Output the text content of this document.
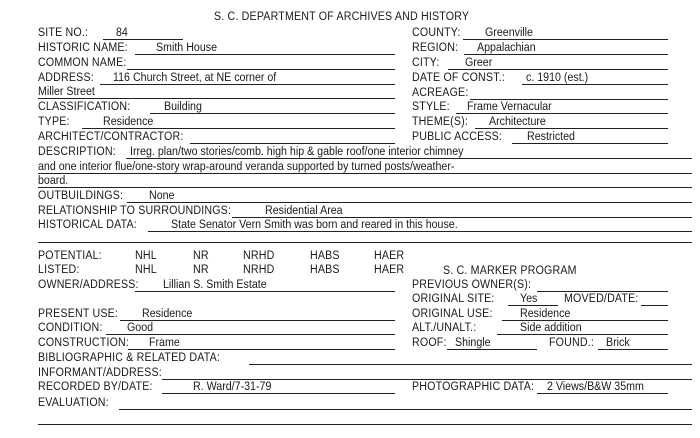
S. C. DEPARTMENT OF ARCHIVES AND HISTORY
SITE NO.: 84
HISTORIC NAME: Smith House
COMMON NAME:
ADDRESS: 116 Church Street, at NE corner of
Miller Street
CLASSIFICATION:	Building
TYPE:	Residence
ARCHITECT/CONTRACTOR:
COUNTY: Greenville
REGION: Appalachian
CITY: Greer
DATE OF CONST.: c. 1910 (est.)
ACREAGE:
STYLE: Frame Vernacular
THEME(S): Architecture
PUBLIC ACCESS: Restricted
DESCRIPTION: Irreg. plan/two stories/comb. high hip & gable roof/one interior chimney
and one interior flue/one-story wrap-around veranda supported by turned posts/weather-
board.
OUTBUILDINGS: None
RELATIONSHIP TO SURROUNDINGS:	Residential Area
HISTORICAL DATA:	State Senator Vern Smith was born and reared in this house.
POTENTIAL:	NHL	NR	NRHD	HABS	HAER
LISTED:	NHL	NR	NRHD	HABS	HAER	S. C. MARKER PROGRAM
OWNER/ADDRESS: Lillian S. Smith Estate	PREVIOUS OWNER(S):
ORIGINAL SITE: Yes MOVED/DATE:
PRESENT USE: Residence	ORIGINAL USE: Residence
CONDITION: Good	ALT./UNALT.:	Side addition
CONSTRUCTION: Frame	ROOF: Shingle	FOUND.: Brick
BIBLIOGRAPHIC & RELATED DATA:
INFORMANT/ADDRESS:
RECORDED BY/DATE:	R. Ward/7-31-79	PHOTOGRAPHIC DATA: 2 Views/B&W 35mm
EVALUATION:
